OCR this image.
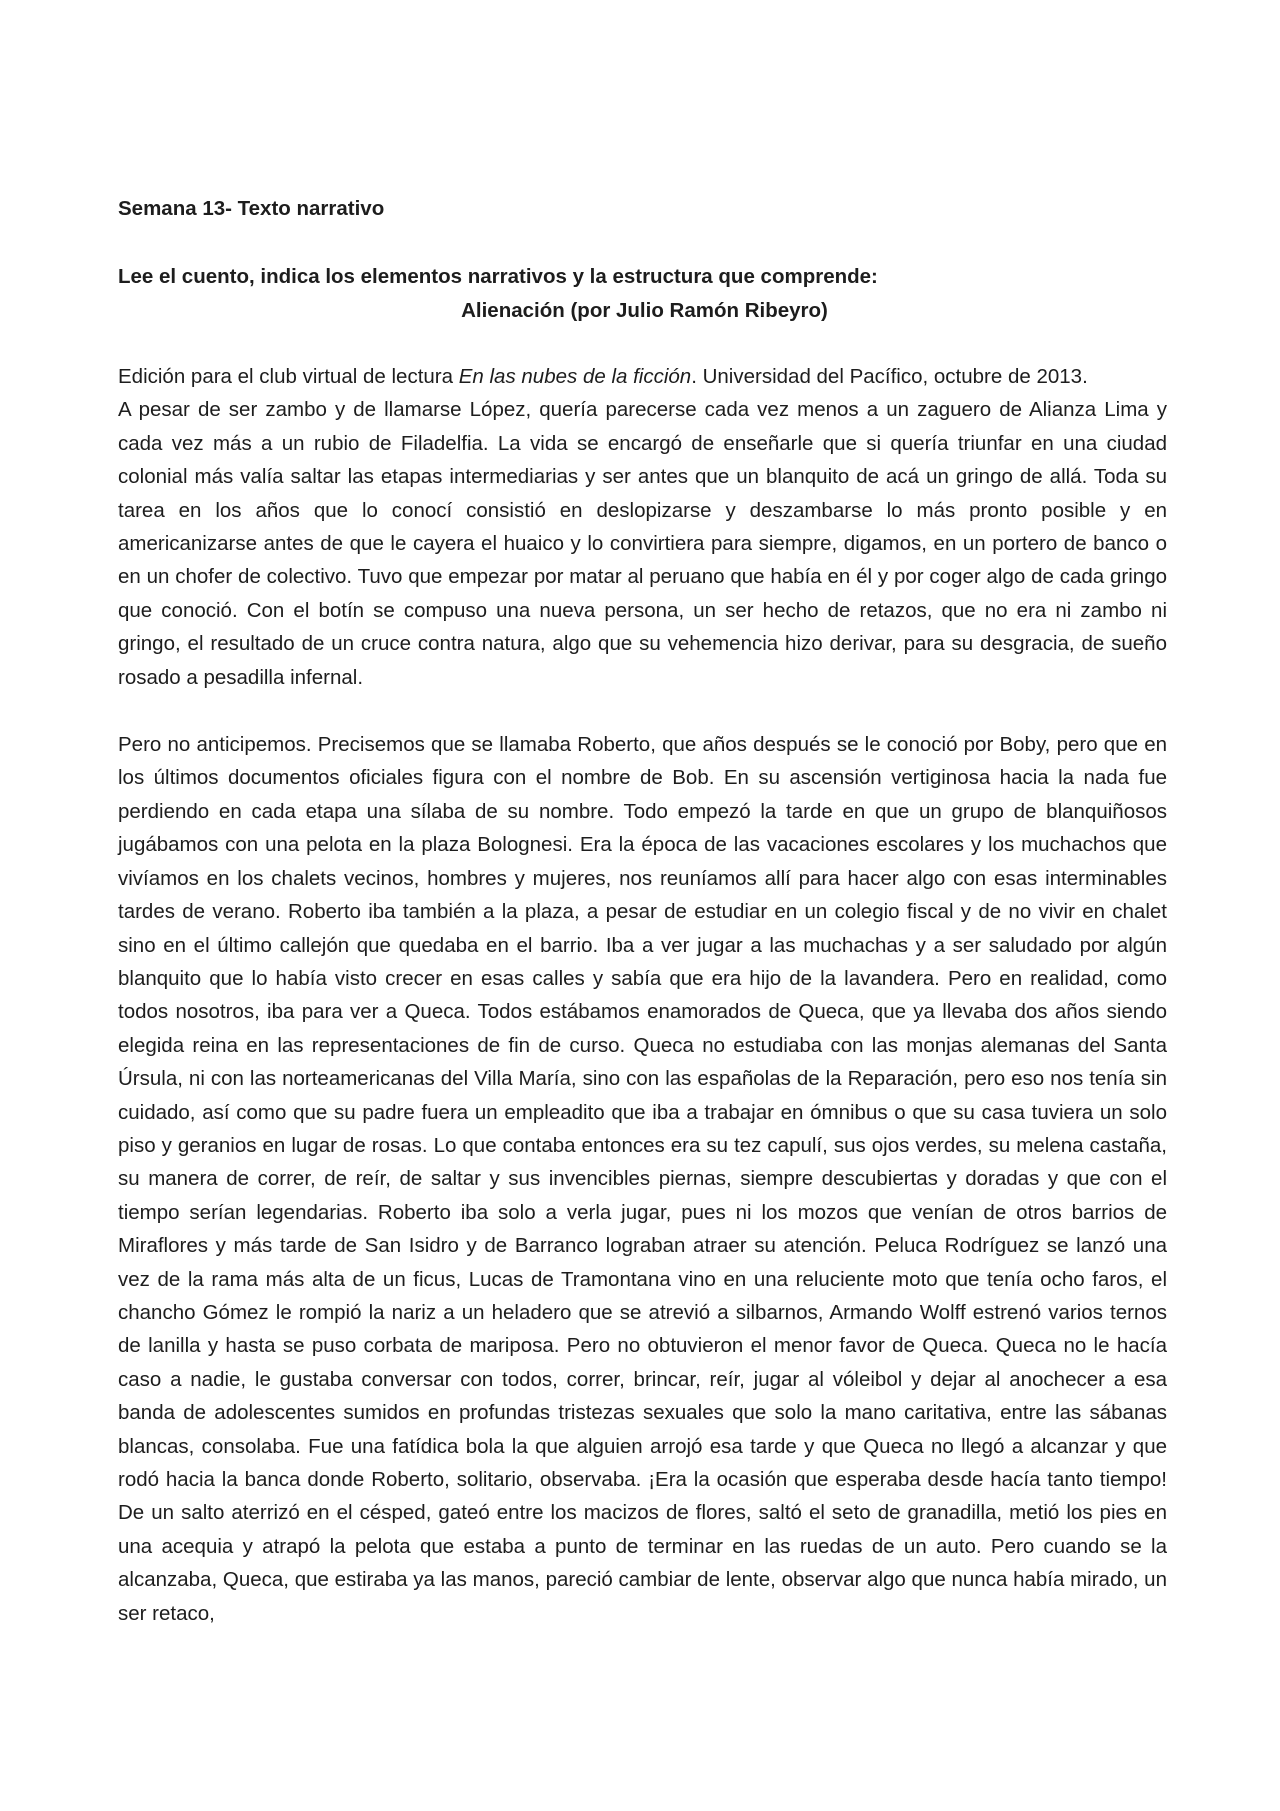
Semana 13- Texto narrativo

Lee el cuento, indica los elementos narrativos y la estructura que comprende:

Alienación (por Julio Ramón Ribeyro)

Edición para el club virtual de lectura En las nubes de la ficción. Universidad del Pacífico, octubre de 2013.

A pesar de ser zambo y de llamarse López, quería parecerse cada vez menos a un zaguero de Alianza Lima y cada vez más a un rubio de Filadelfia. La vida se encargó de enseñarle que si quería triunfar en una ciudad colonial más valía saltar las etapas intermediarias y ser antes que un blanquito de acá un gringo de allá. Toda su tarea en los años que lo conocí consistió en deslopizarse y deszambarse lo más pronto posible y en americanizarse antes de que le cayera el huaico y lo convirtiera para siempre, digamos, en un portero de banco o en un chofer de colectivo. Tuvo que empezar por matar al peruano que había en él y por coger algo de cada gringo que conoció. Con el botín se compuso una nueva persona, un ser hecho de retazos, que no era ni zambo ni gringo, el resultado de un cruce contra natura, algo que su vehemencia hizo derivar, para su desgracia, de sueño rosado a pesadilla infernal.

Pero no anticipemos. Precisemos que se llamaba Roberto, que años después se le conoció por Boby, pero que en los últimos documentos oficiales figura con el nombre de Bob. En su ascensión vertiginosa hacia la nada fue perdiendo en cada etapa una sílaba de su nombre. Todo empezó la tarde en que un grupo de blanquiñosos jugábamos con una pelota en la plaza Bolognesi. Era la época de las vacaciones escolares y los muchachos que vivíamos en los chalets vecinos, hombres y mujeres, nos reuníamos allí para hacer algo con esas interminables tardes de verano. Roberto iba también a la plaza, a pesar de estudiar en un colegio fiscal y de no vivir en chalet sino en el último callejón que quedaba en el barrio. Iba a ver jugar a las muchachas y a ser saludado por algún blanquito que lo había visto crecer en esas calles y sabía que era hijo de la lavandera. Pero en realidad, como todos nosotros, iba para ver a Queca. Todos estábamos enamorados de Queca, que ya llevaba dos años siendo elegida reina en las representaciones de fin de curso. Queca no estudiaba con las monjas alemanas del Santa Úrsula, ni con las norteamericanas del Villa María, sino con las españolas de la Reparación, pero eso nos tenía sin cuidado, así como que su padre fuera un empleadito que iba a trabajar en ómnibus o que su casa tuviera un solo piso y geranios en lugar de rosas. Lo que contaba entonces era su tez capulí, sus ojos verdes, su melena castaña, su manera de correr, de reír, de saltar y sus invencibles piernas, siempre descubiertas y doradas y que con el tiempo serían legendarias. Roberto iba solo a verla jugar, pues ni los mozos que venían de otros barrios de Miraflores y más tarde de San Isidro y de Barranco lograban atraer su atención. Peluca Rodríguez se lanzó una vez de la rama más alta de un ficus, Lucas de Tramontana vino en una reluciente moto que tenía ocho faros, el chancho Gómez le rompió la nariz a un heladero que se atrevió a silbarnos, Armando Wolff estrenó varios ternos de lanilla y hasta se puso corbata de mariposa. Pero no obtuvieron el menor favor de Queca. Queca no le hacía caso a nadie, le gustaba conversar con todos, correr, brincar, reír, jugar al vóleibol y dejar al anochecer a esa banda de adolescentes sumidos en profundas tristezas sexuales que solo la mano caritativa, entre las sábanas blancas, consolaba. Fue una fatídica bola la que alguien arrojó esa tarde y que Queca no llegó a alcanzar y que rodó hacia la banca donde Roberto, solitario, observaba. ¡Era la ocasión que esperaba desde hacía tanto tiempo! De un salto aterrizó en el césped, gateó entre los macizos de flores, saltó el seto de granadilla, metió los pies en una acequia y atrapó la pelota que estaba a punto de terminar en las ruedas de un auto. Pero cuando se la alcanzaba, Queca, que estiraba ya las manos, pareció cambiar de lente, observar algo que nunca había mirado, un ser retaco,
